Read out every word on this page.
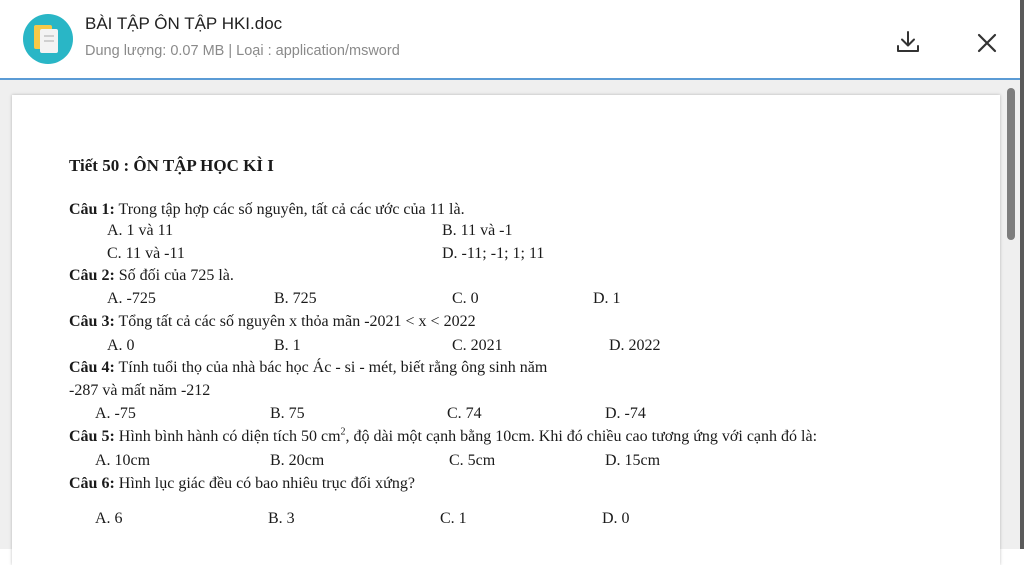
BÀI TẬP ÔN TẬP HKI.doc
Dung lượng: 0.07 MB | Loại : application/msword
Tiết 50 : ÔN TẬP HỌC KÌ I
Câu 1: Trong tập hợp các số nguyên, tất cả các ước của 11 là.
A. 1 và 11	B. 11 và -1
C. 11 và -11	D. -11; -1; 1; 11
Câu 2: Số đối của 725 là.
A. -725	B. 725	C. 0	D. 1
Câu 3: Tổng tất cả các số nguyên x thỏa mãn -2021 < x < 2022
A. 0	B. 1	C. 2021	D. 2022
Câu 4: Tính tuổi thọ của nhà bác học Ác - si - mét, biết rằng ông sinh năm
-287 và mất năm -212
A. -75	B. 75	C. 74	D. -74
Câu 5: Hình bình hành có diện tích 50 $cm^2$, độ dài một cạnh bằng 10cm. Khi đó chiều cao tương ứng với cạnh đó là:
A. 10cm	B. 20cm	C. 5cm	D. 15cm
Câu 6: Hình lục giác đều có bao nhiêu trục đối xứng?
A. 6	B. 3	C. 1	D. 0
